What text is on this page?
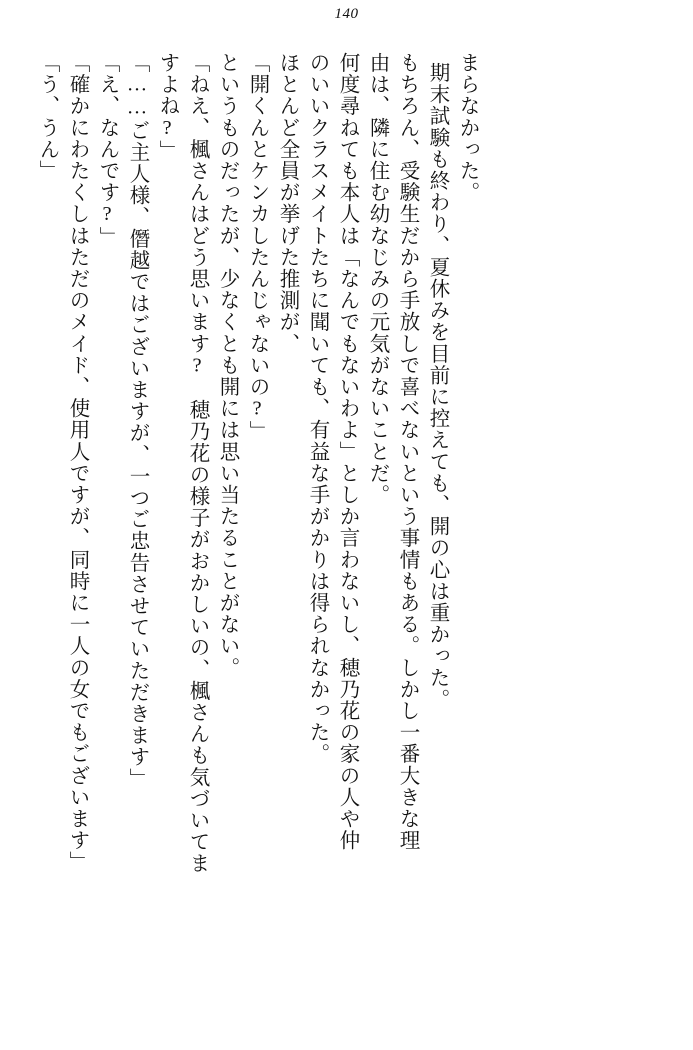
140
「う、うん」 「確かにわたくしはただのメイド、使用人ですが、同時に一人の女でもございます」 「え、なんです?」 「……ご主人様、僭越ではございますが、一つご忠告させていただきます」 すよね?」 「ねえ、楓さんはどう思います?　穂乃花の様子がおかしいの、楓さんも気づいてま というものだったが、少なくとも開には思い当たることがない。 「開くんとケンカしたんじゃないの?」 ほとんど全員が挙げた推測が、 のいいクラスメイトたちに聞いても、有益な手がかりは得られなかった。 何度尋ねても本人は「なんでもないわよ」としか言わないし、穂乃花の家の人や仲 由は、隣に住む幼なじみの元気がないことだ。 もちろん、受験生だから手放しで喜べないという事情もある。しかし一番大きな理 期末試験も終わり、夏休みを目前に控えても、開の心は重かった。 まらなかった。
